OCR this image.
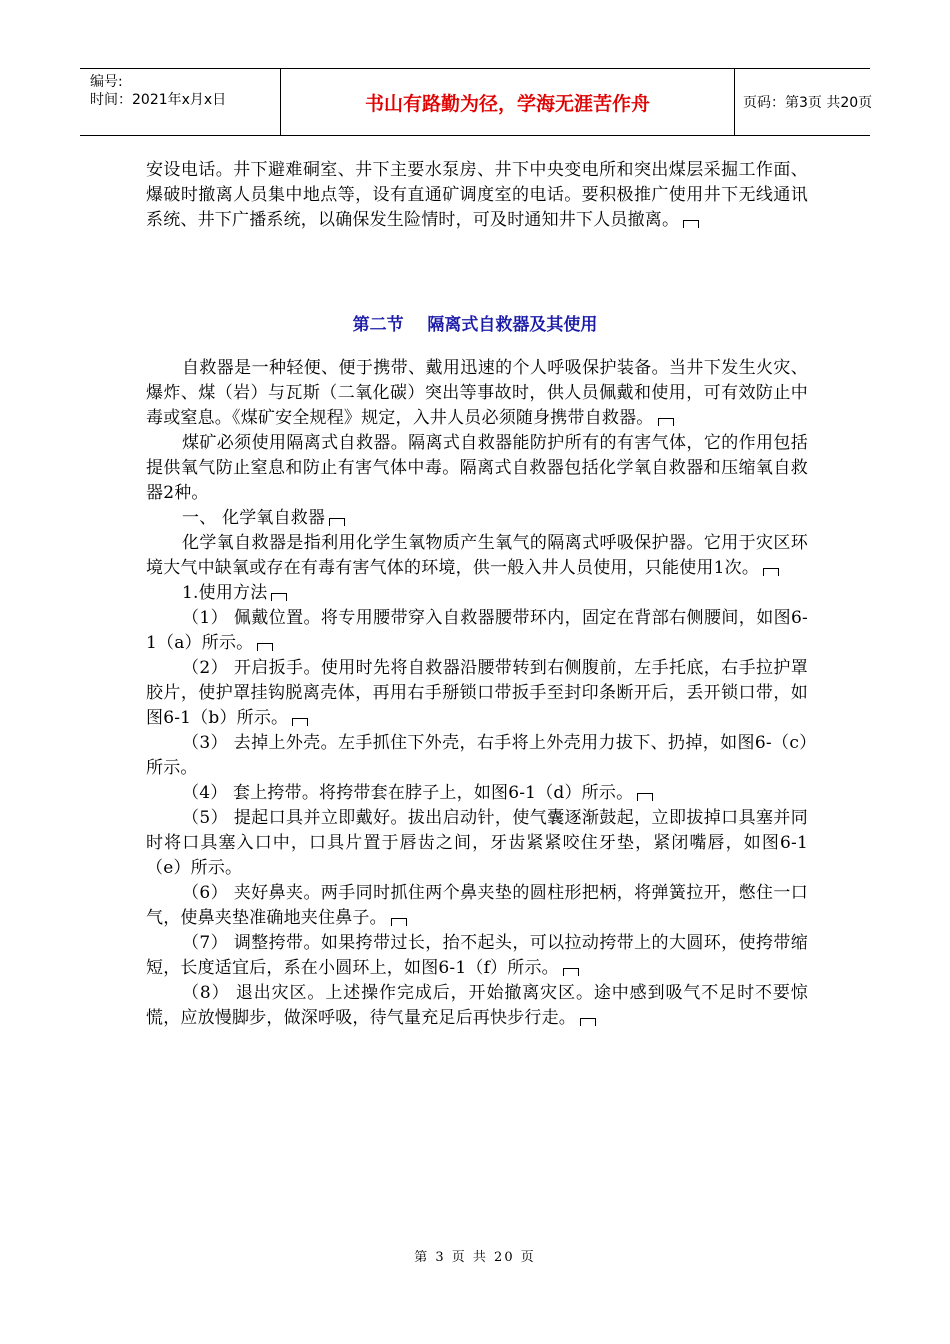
编号:
时间：2021年x月x日	书山有路勤为径，学海无涯苦作舟	页码：第3页 共20页

安设电话。井下避难硐室、井下主要水泵房、井下中央变电所和突出煤层采掘工作面、爆破时撤离人员集中地点等，设有直通矿调度室的电话。要积极推广使用井下无线通讯系统、井下广播系统，以确保发生险情时，可及时通知井下人员撤离。

第二节    隔离式自救器及其使用

自救器是一种轻便、便于携带、戴用迅速的个人呼吸保护装备。当井下发生火灾、爆炸、煤（岩）与瓦斯（二氧化碳）突出等事故时，供人员佩戴和使用，可有效防止中毒或窒息。《煤矿安全规程》规定，入井人员必须随身携带自救器。

煤矿必须使用隔离式自救器。隔离式自救器能防护所有的有害气体，它的作用包括提供氧气防止窒息和防止有害气体中毒。隔离式自救器包括化学氧自救器和压缩氧自救器2种。

一、 化学氧自救器

化学氧自救器是指利用化学生氧物质产生氧气的隔离式呼吸保护器。它用于灾区环境大气中缺氧或存在有毒有害气体的环境，供一般入井人员使用，只能使用1次。

1.使用方法

（1） 佩戴位置。将专用腰带穿入自救器腰带环内，固定在背部右侧腰间，如图6-1（a）所示。

（2） 开启扳手。使用时先将自救器沿腰带转到右侧腹前，左手托底，右手拉护罩胶片，使护罩挂钩脱离壳体，再用右手掰锁口带扳手至封印条断开后，丢开锁口带，如图6-1（b）所示。

（3） 去掉上外壳。左手抓住下外壳，右手将上外壳用力拔下、扔掉，如图6-（c）所示。

（4） 套上挎带。将挎带套在脖子上，如图6-1（d）所示。

（5） 提起口具并立即戴好。拔出启动针，使气囊逐渐鼓起，立即拔掉口具塞并同时将口具塞入口中，口具片置于唇齿之间，牙齿紧紧咬住牙垫，紧闭嘴唇，如图6-1（e）所示。

（6） 夹好鼻夹。两手同时抓住两个鼻夹垫的圆柱形把柄，将弹簧拉开，憋住一口气，使鼻夹垫准确地夹住鼻子。

（7） 调整挎带。如果挎带过长，抬不起头，可以拉动挎带上的大圆环，使挎带缩短，长度适宜后，系在小圆环上，如图6-1（f）所示。

（8） 退出灾区。上述操作完成后，开始撤离灾区。途中感到吸气不足时不要惊慌，应放慢脚步，做深呼吸，待气量充足后再快步行走。

第 3 页 共 20 页
